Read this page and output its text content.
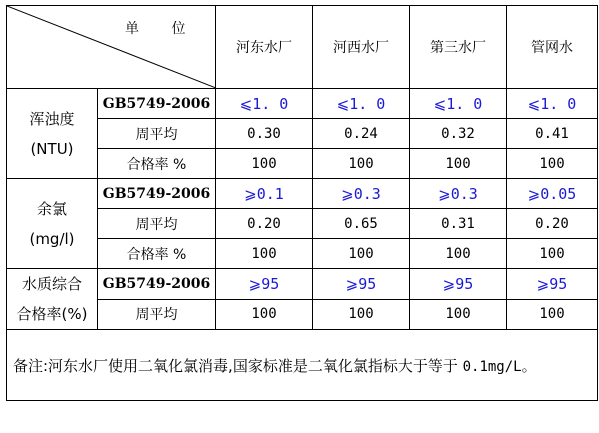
单 位		河东水厂	河西水厂	第三水厂	管网水

浑浊度
(NTU)	GB5749-2006	⩽1. 0	⩽1. 0	⩽1. 0	⩽1. 0
	周平均	0.30	0.24	0.32	0.41
	合格率 %	100	100	100	100

余氯
(mg/l)	GB5749-2006	⩾0.1	⩾0.3	⩾0.3	⩾0.05
	周平均	0.20	0.65	0.31	0.20
	合格率 %	100	100	100	100

水质综合
合格率(%)	GB5749-2006	⩾95	⩾95	⩾95	⩾95
	周平均	100	100	100	100
备注:河东水厂使用二氧化氯消毒,国家标准是二氧化氯指标大于等于 0.1mg/L。					
